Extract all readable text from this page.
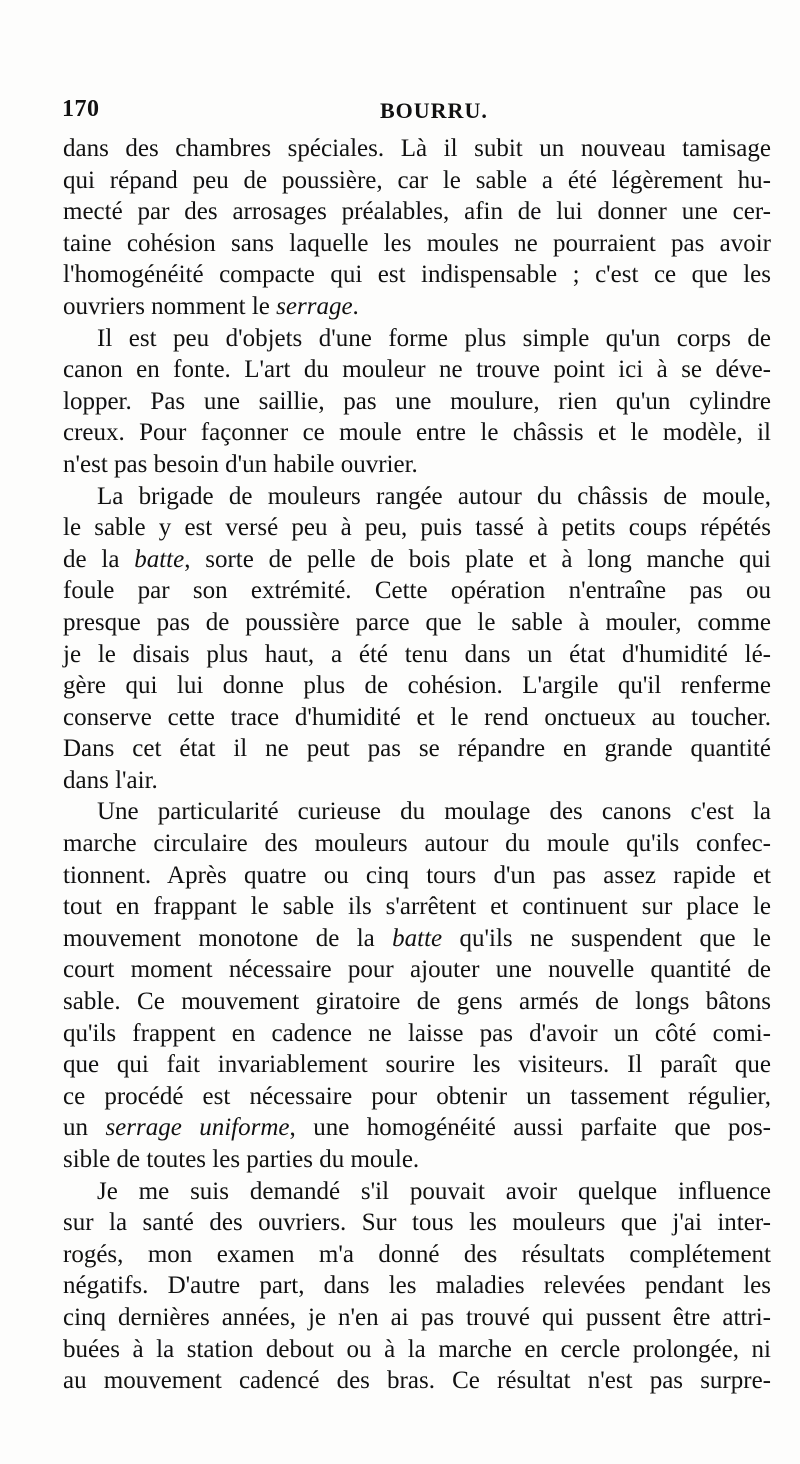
170	BOURRU.
dans des chambres spéciales. Là il subit un nouveau tamisage
qui répand peu de poussière, car le sable a été légèrement hu-
mecté par des arrosages préalables, afin de lui donner une cer-
taine cohésion sans laquelle les moules ne pourraient pas avoir
l'homogénéité compacte qui est indispensable ; c'est ce que les
ouvriers nomment le serrage.
Il est peu d'objets d'une forme plus simple qu'un corps de
canon en fonte. L'art du mouleur ne trouve point ici à se déve-
lopper. Pas une saillie, pas une moulure, rien qu'un cylindre
creux. Pour façonner ce moule entre le châssis et le modèle, il
n'est pas besoin d'un habile ouvrier.
La brigade de mouleurs rangée autour du châssis de moule,
le sable y est versé peu à peu, puis tassé à petits coups répétés
de la batte, sorte de pelle de bois plate et à long manche qui
foule par son extrémité. Cette opération n'entraîne pas ou
presque pas de poussière parce que le sable à mouler, comme
je le disais plus haut, a été tenu dans un état d'humidité lé-
gère qui lui donne plus de cohésion. L'argile qu'il renferme
conserve cette trace d'humidité et le rend onctueux au toucher.
Dans cet état il ne peut pas se répandre en grande quantité
dans l'air.
Une particularité curieuse du moulage des canons c'est la
marche circulaire des mouleurs autour du moule qu'ils confec-
tionnent. Après quatre ou cinq tours d'un pas assez rapide et
tout en frappant le sable ils s'arrêtent et continuent sur place le
mouvement monotone de la batte qu'ils ne suspendent que le
court moment nécessaire pour ajouter une nouvelle quantité de
sable. Ce mouvement giratoire de gens armés de longs bâtons
qu'ils frappent en cadence ne laisse pas d'avoir un côté comi-
que qui fait invariablement sourire les visiteurs. Il paraît que
ce procédé est nécessaire pour obtenir un tassement régulier,
un serrage uniforme, une homogénéité aussi parfaite que pos-
sible de toutes les parties du moule.
Je me suis demandé s'il pouvait avoir quelque influence
sur la santé des ouvriers. Sur tous les mouleurs que j'ai inter-
rogés, mon examen m'a donné des résultats complétement
négatifs. D'autre part, dans les maladies relevées pendant les
cinq dernières années, je n'en ai pas trouvé qui pussent être attri-
buées à la station debout ou à la marche en cercle prolongée, ni
au mouvement cadencé des bras. Ce résultat n'est pas surpre-
